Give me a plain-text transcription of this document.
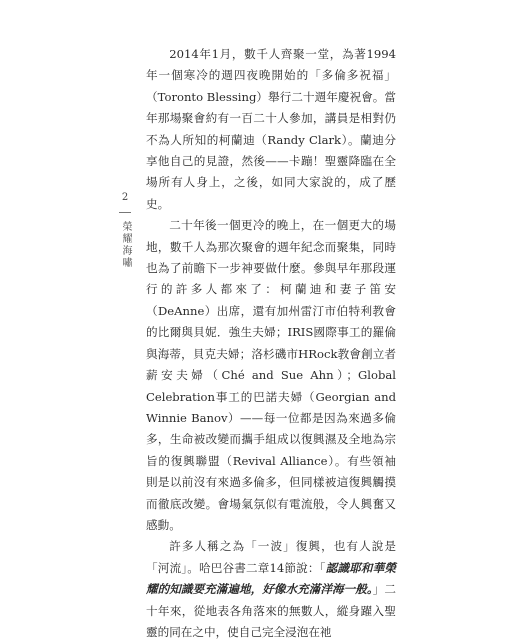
2
榮耀海嘯

2014年1月，數千人齊聚一堂，為著1994年一個寒冷的週四夜晚開始的「多倫多祝福」（Toronto Blessing）舉行二十週年慶祝會。當年那場聚會約有一百二十人參加，講員是相對仍不為人所知的柯蘭迪（Randy Clark）。蘭迪分享他自己的見證，然後——卡蹦！聖靈降臨在全場所有人身上，之後，如同大家說的，成了歷史。

二十年後一個更冷的晚上，在一個更大的場地，數千人為那次聚會的週年紀念而聚集，同時也為了前瞻下一步神要做什麼。參與早年那段運行的許多人都來了：柯蘭迪和妻子笛安（DeAnne）出席，還有加州雷汀市伯特利教會的比爾與貝妮．強生夫婦；IRIS國際事工的羅倫與海蒂，貝克夫婦；洛杉磯市HRock教會創立者薪安夫婦（Ché and Sue Ahn）；Global Celebration事工的巴諾夫婦（Georgian and Winnie Banov）——每一位都是因為來過多倫多，生命被改變而攜手組成以復興濕及全地為宗旨的復興聯盟（Revival Alliance）。有些領袖則是以前沒有來過多倫多，但同樣被這復興觸摸而徹底改變。會場氣氛似有電流般，令人興奮又感動。

許多人稱之為「一波」復興，也有人說是「河流」。哈巴谷書二章14節說：「認識耶和華榮耀的知識要充滿遍地，好像水充滿洋海一般。」二十年來，從地表各角落來的無數人，縱身躍入聖靈的同在之中，使自己完全浸泡在祂
